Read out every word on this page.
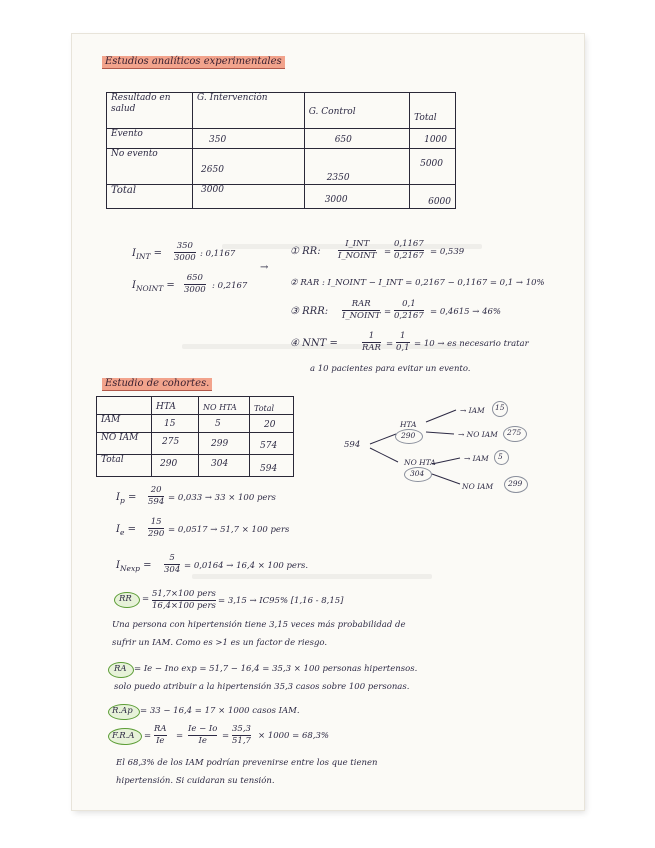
Estudios analíticos experimentales
Resultado en salud	G. Intervención	G. Control	Total
Evento	350	650	1000
No evento	2650	2350	5000
Total	3000	3000	6000
$I_{INT}$ =
350
3000 : 0,1167
$I_{NOINT}$ =
650
3000 : 0,2167
→
① RR:
I_INT
I_NOINT =
0,1167
0,2167 = 0,539
② RAR : I_NOINT − I_INT = 0,2167 − 0,1167 = 0,1 → 10%
③ RRR:
RAR
I_NOINT =
0,1
0,2167 = 0,4615 → 46%
④ NNT =
1
RAR =
1
0,1 = 10 → es necesario tratar
a 10 pacientes para evitar un evento.
Estudio de cohortes.
	HTA	NO HTA	Total
IAM	15	5	20
NO IAM	275	299	574
Total	290	304	594
594
HTA
290
NO HTA
304
→ IAM 15
→ NO IAM 275
→ IAM 5
NO IAM 299
$I_p$ =
20
594 = 0,033 → 33 × 100 pers
$I_e$ =
15
290 = 0,0517 → 51,7 × 100 pers
$I_{Nexp}$ =
5
304 = 0,0164 → 16,4 × 100 pers.
RR = 51,7×100 pers
16,4×100 pers = 3,15 → IC95% [1,16 - 8,15]
Una persona con hipertensión tiene 3,15 veces más probabilidad de
sufrir un IAM. Como es >1 es un factor de riesgo.
RA = Ie − Ino exp = 51,7 − 16,4 = 35,3 × 100 personas hipertensos.
solo puedo atribuir a la hipertensión 35,3 casos sobre 100 personas.
R.Ap = 33 − 16,4 = 17 × 1000 casos IAM.
F.R.A =
RA
Ie =
Ie − Io
Ie =
35,3
51,7 × 1000 = 68,3%
El 68,3% de los IAM podrían prevenirse entre los que tienen
hipertensión. Si cuidaran su tensión.
